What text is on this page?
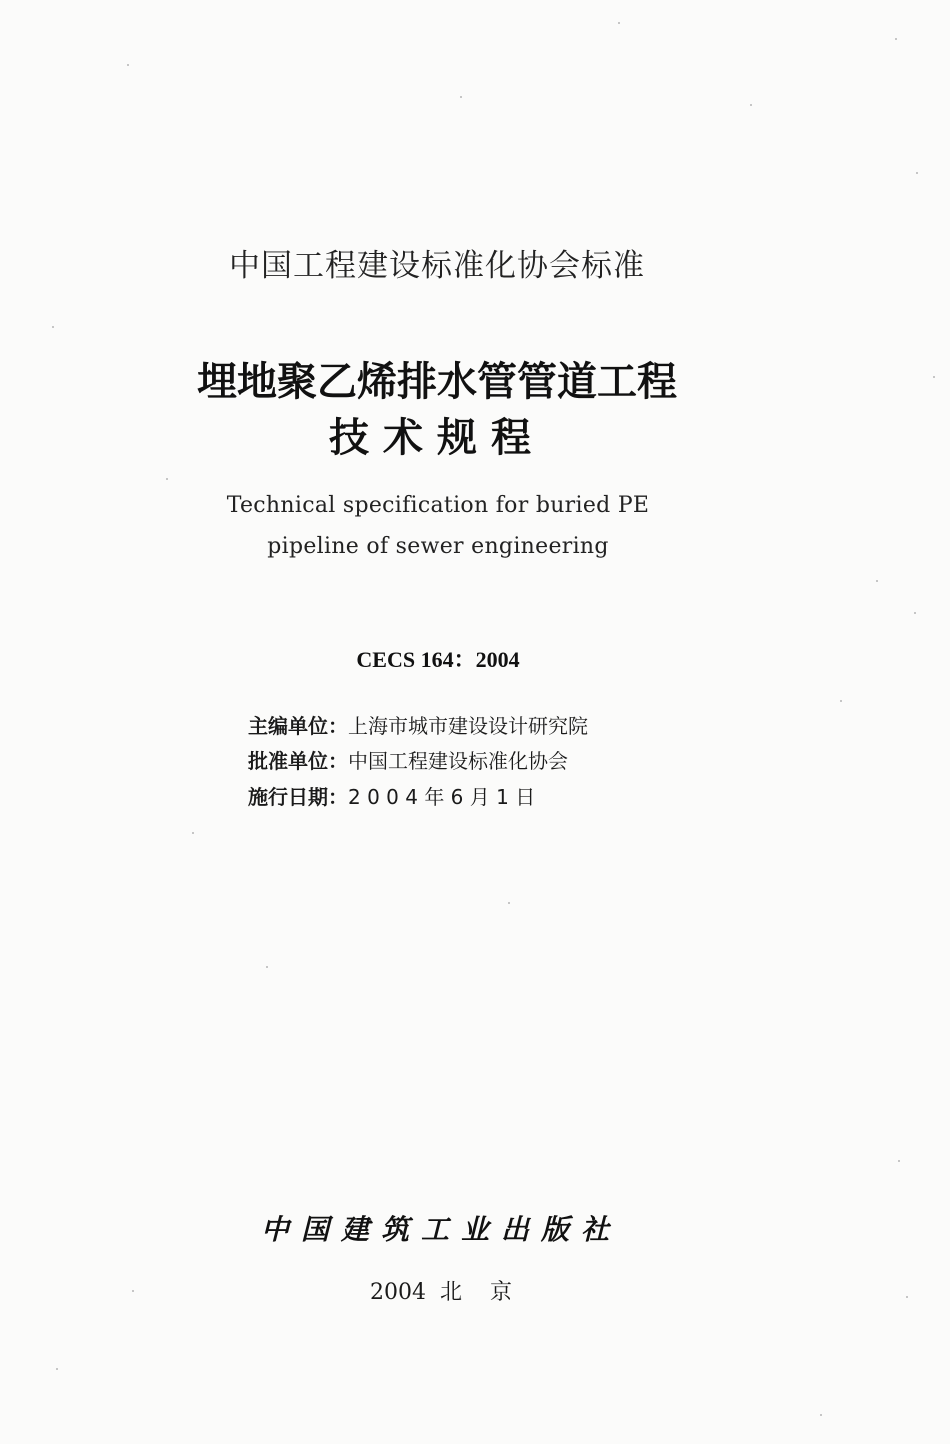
中国工程建设标准化协会标准
埋地聚乙烯排水管管道工程
技术规程
Technical specification for buried PE
pipeline of sewer engineering
CECS 164：2004
主编单位：上海市城市建设设计研究院
批准单位：中国工程建设标准化协会
施行日期：2 0 0 4 年 6 月 1 日
中国建筑工业出版社
2004  北    京
